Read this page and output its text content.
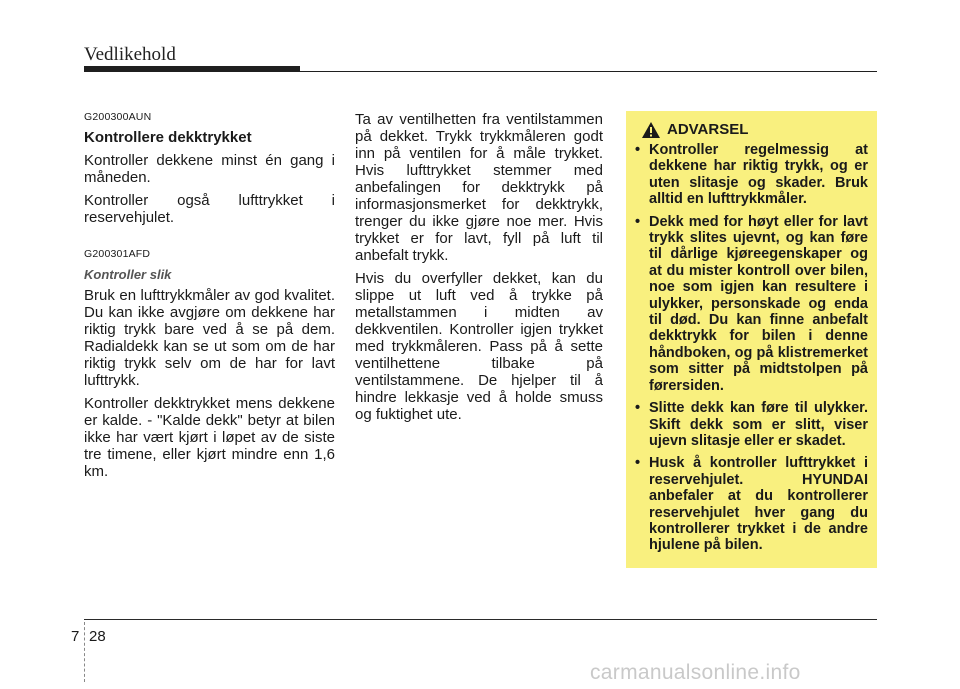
Vedlikehold
G200300AUN
Kontrollere dekktrykket

Kontroller dekkene minst én gang i måneden.

Kontroller også lufttrykket i reservehjulet.

G200301AFD
Kontroller slik

Bruk en lufttrykkmåler av god kvalitet. Du kan ikke avgjøre om dekkene har riktig trykk bare ved å se på dem. Radialdekk kan se ut som om de har riktig trykk selv om de har for lavt lufttrykk.

Kontroller dekktrykket mens dekkene er kalde. - "Kalde dekk" betyr at bilen ikke har vært kjørt i løpet av de siste tre timene, eller kjørt mindre enn 1,6 km.

Ta av ventilhetten fra ventilstammen på dekket. Trykk trykkmåleren godt inn på ventilen for å måle trykket. Hvis lufttrykket stemmer med anbefalingen for dekktrykk på informasjonsmerket for dekktrykk, trenger du ikke gjøre noe mer. Hvis trykket er for lavt, fyll på luft til anbefalt trykk.

Hvis du overfyller dekket, kan du slippe ut luft ved å trykke på metallstammen i midten av dekkventilen. Kontroller igjen trykket med trykkmåleren. Pass på å sette ventilhettene tilbake på ventilstammene. De hjelper til å hindre lekkasje ved å holde smuss og fuktighet ute.

ADVARSEL
• Kontroller regelmessig at dekkene har riktig trykk, og er uten slitasje og skader. Bruk alltid en lufttrykkmåler.
• Dekk med for høyt eller for lavt trykk slites ujevnt, og kan føre til dårlige kjøreegenskaper og at du mister kontroll over bilen, noe som igjen kan resultere i ulykker, personskade og enda til død. Du kan finne anbefalt dekktrykk for bilen i denne håndboken, og på klistremerket som sitter på midtstolpen på førersiden.
• Slitte dekk kan føre til ulykker. Skift dekk som er slitt, viser ujevn slitasje eller er skadet.
• Husk å kontroller lufttrykket i reservehjulet. HYUNDAI anbefaler at du kontrollerer reservehjulet hver gang du kontrollerer trykket i de andre hjulene på bilen.
7 28
carmanualsonline.info
